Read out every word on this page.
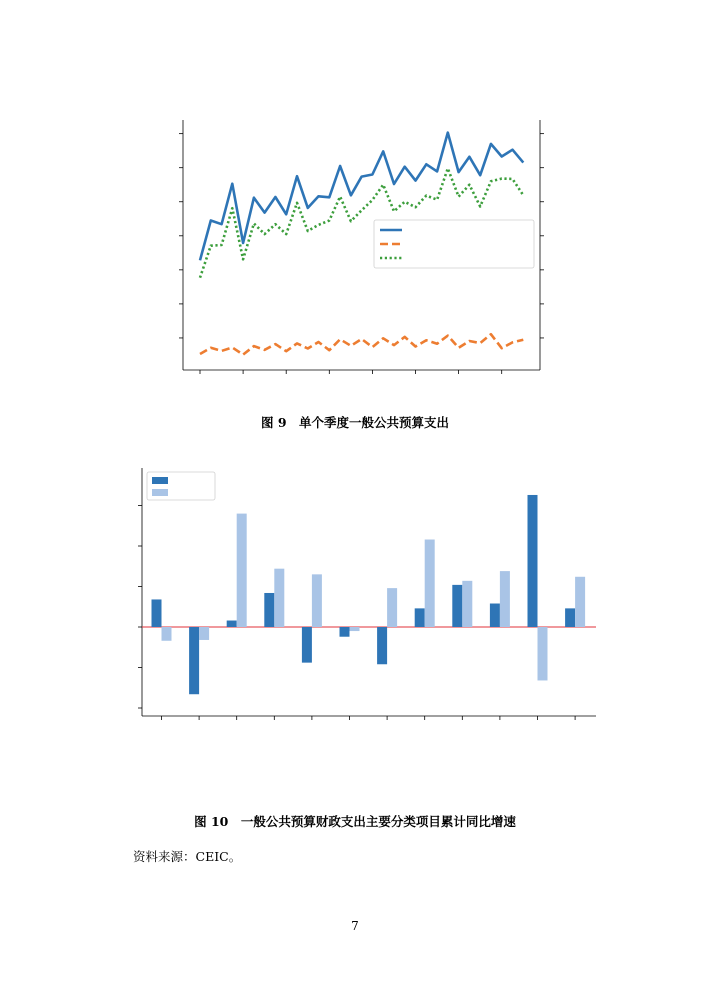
图 9　单个季度一般公共预算支出
图 10　一般公共预算财政支出主要分类项目累计同比增速
资料来源：CEIC。
7
